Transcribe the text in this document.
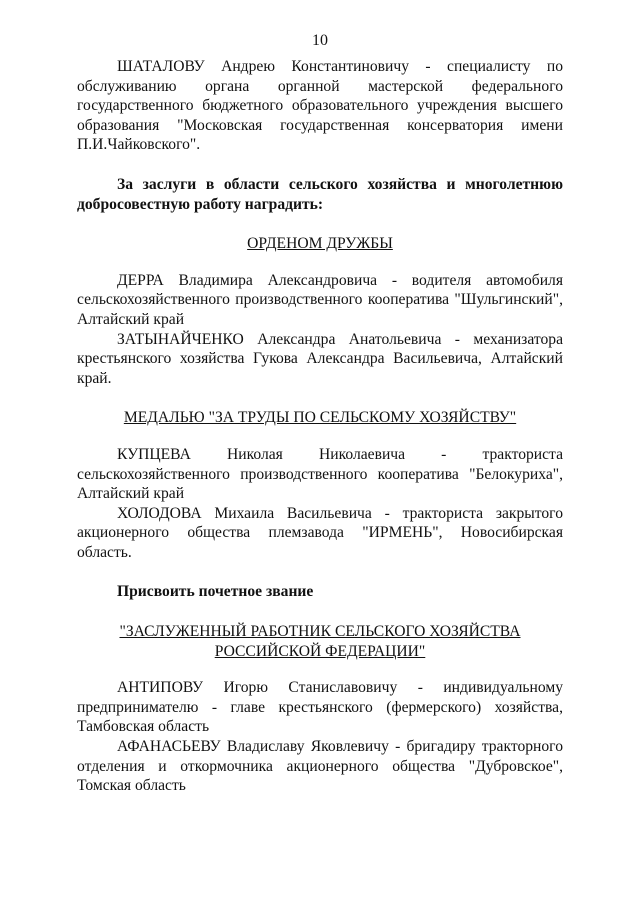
10

ШАТАЛОВУ Андрею Константиновичу - специалисту по обслуживанию органа органной мастерской федерального государственного бюджетного образовательного учреждения высшего образования "Московская государственная консерватория имени П.И.Чайковского".

За заслуги в области сельского хозяйства и многолетнюю добросовестную работу наградить:

ОРДЕНОМ ДРУЖБЫ

ДЕРРА Владимира Александровича - водителя автомобиля сельскохозяйственного производственного кооператива "Шульгинский", Алтайский край

ЗАТЫНАЙЧЕНКО Александра Анатольевича - механизатора крестьянского хозяйства Гукова Александра Васильевича, Алтайский край.

МЕДАЛЬЮ "ЗА ТРУДЫ ПО СЕЛЬСКОМУ ХОЗЯЙСТВУ"

КУПЦЕВА Николая Николаевича - тракториста сельскохозяйственного производственного кооператива "Белокуриха", Алтайский край

ХОЛОДОВА Михаила Васильевича - тракториста закрытого акционерного общества племзавода "ИРМЕНЬ", Новосибирская область.

Присвоить почетное звание

"ЗАСЛУЖЕННЫЙ РАБОТНИК СЕЛЬСКОГО ХОЗЯЙСТВА
РОССИЙСКОЙ ФЕДЕРАЦИИ"

АНТИПОВУ Игорю Станиславовичу - индивидуальному предпринимателю - главе крестьянского (фермерского) хозяйства, Тамбовская область

АФАНАСЬЕВУ Владиславу Яковлевичу - бригадиру тракторного отделения и откормочника акционерного общества "Дубровское", Томская область
